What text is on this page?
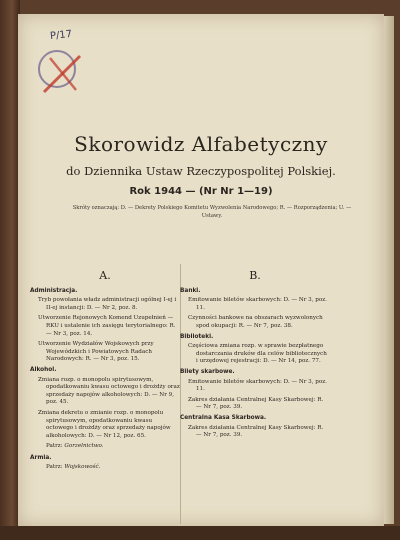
P/17
Skorowidz Alfabetyczny
do Dziennika Ustaw Rzeczypospolitej Polskiej.
Rok 1944 — (Nr Nr 1—19)
Skróty oznaczają: D. — Dekrety Polskiego Komitetu Wyzwolenia Narodowego; R. — Rozporządzenia; U. — Ustawy.
A.
Administracja.
Tryb powołania władz administracji ogólnej I-ej i II-ej instancji: D. — Nr 2, poz. 8.
Utworzenie Rejonowych Komend Uzupełnień — RKU i ustalenie ich zasięgu terytorialnego: R. — Nr 3, poz. 14.
Utworzenie Wydziałów Wojskowych przy Wojewódzkich i Powiatowych Radach Narodowych: R. — Nr 3, poz. 15.
Alkohol.
Zmiana rozp. o monopolu spirytusowym, opodatkowaniu kwasu octowego i drożdży oraz sprzedaży napojów alkoholowych: D. — Nr 9, poz. 45.
Zmiana dekretu o zmianie rozp. o monopolu spirytusowym, opodatkowaniu kwasu octowego i drożdży oraz sprzedaży napojów alkoholowych: D. — Nr 12, poz. 65.
Patrz: Gorzelnictwo.
Armia.
Patrz: Wojskowość.
B.
Banki.
Emitowanie biletów skarbowych: D. — Nr 3, poz. 11.
Czynności bankowe na obszarach wyzwolonych spod okupacji: R. — Nr 7, poz. 38.
Biblioteki.
Częściowa zmiana rozp. w sprawie bezpłatnego dostarczania druków dla celów bibliotecznych i urzędowej rejestracji: D. — Nr 14, poz. 77.
Bilety skarbowe.
Emitowanie biletów skarbowych: D. — Nr 3, poz. 11.
Zakres działania Centralnej Kasy Skarbowej: R. — Nr 7, poz. 39.
Centralna Kasa Skarbowa.
Zakres działania Centralnej Kasy Skarbowej: R. — Nr 7, poz. 39.
